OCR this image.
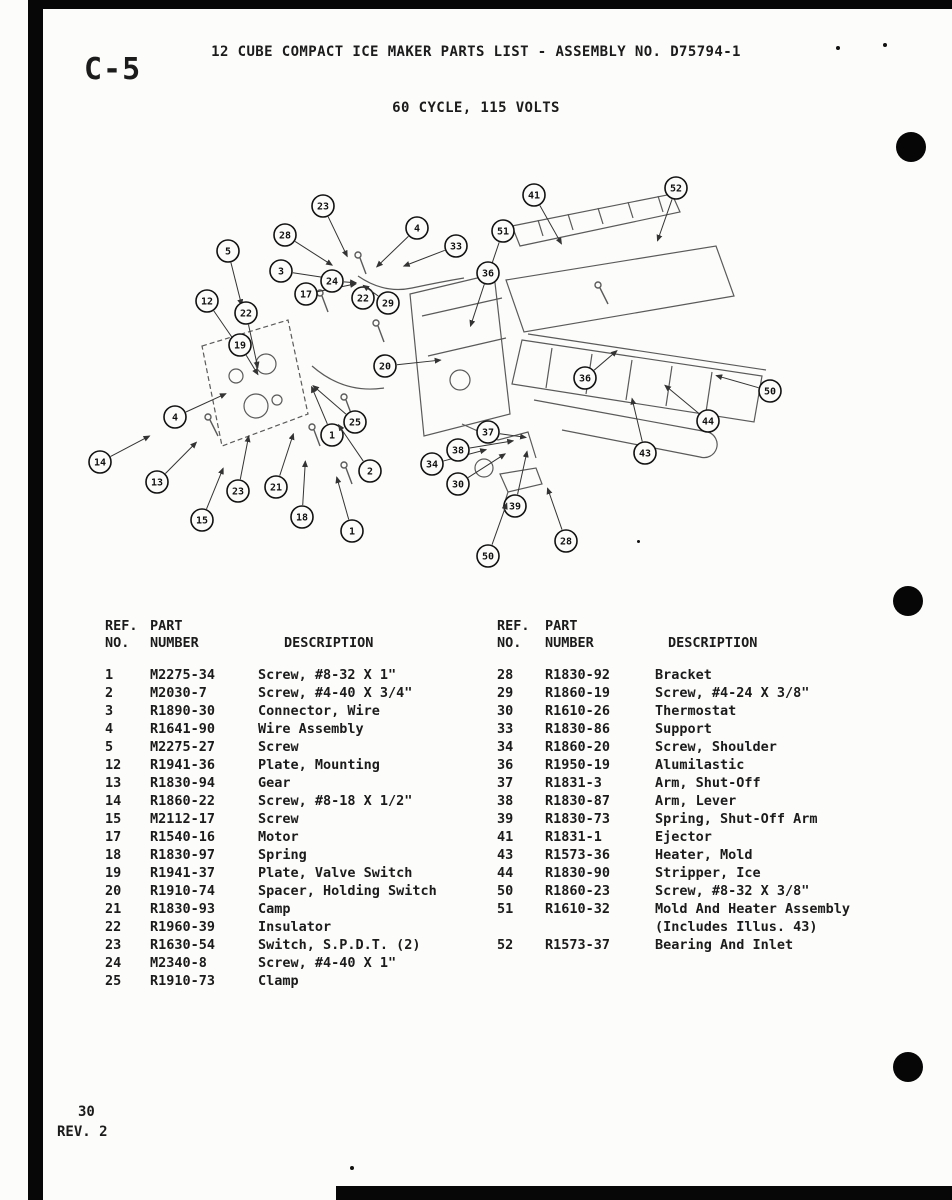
C-5	12 CUBE COMPACT ICE MAKER PARTS LIST - ASSEMBLY NO. D75794-1
60 CYCLE, 115 VOLTS
23
28
4
41
52
5
3
17
24
22 29
33
51
36
12
22
19
20
36
50
4	25
1	37
44
14
13
2
34
38
30
43
15
23	21
18
1
39
50
28
REF.
NO.
PART
NUMBER
	DESCRIPTION
1	M2275-34	Screw, #8-32 X 1"
2	M2030-7	Screw, #4-40 X 3/4"
3	R1890-30	Connector, Wire
4	R1641-90	Wire Assembly
5	M2275-27	Screw
12	R1941-36	Plate, Mounting
13	R1830-94	Gear
14	R1860-22	Screw, #8-18 X 1/2"
15	M2112-17	Screw
17	R1540-16	Motor
18	R1830-97	Spring
19	R1941-37	Plate, Valve Switch
20	R1910-74	Spacer, Holding Switch
21	R1830-93	Camp
22	R1960-39	Insulator
23	R1630-54	Switch, S.P.D.T. (2)
24	M2340-8	Screw, #4-40 X 1"
25	R1910-73	Clamp
REF.
NO.
PART
NUMBER
	DESCRIPTION
28	R1830-92	Bracket
29	R1860-19	Screw, #4-24 X 3/8"
30	R1610-26	Thermostat
33	R1830-86	Support
34	R1860-20	Screw, Shoulder
36	R1950-19	Alumilastic
37	R1831-3	Arm, Shut-Off
38	R1830-87	Arm, Lever
39	R1830-73	Spring, Shut-Off Arm
41	R1831-1	Ejector
43	R1573-36	Heater, Mold
44	R1830-90	Stripper, Ice
50	R1860-23	Screw, #8-32 X 3/8"
51	R1610-32	Mold And Heater Assembly
(Includes Illus. 43)
52	R1573-37	Bearing And Inlet
30
REV. 2
